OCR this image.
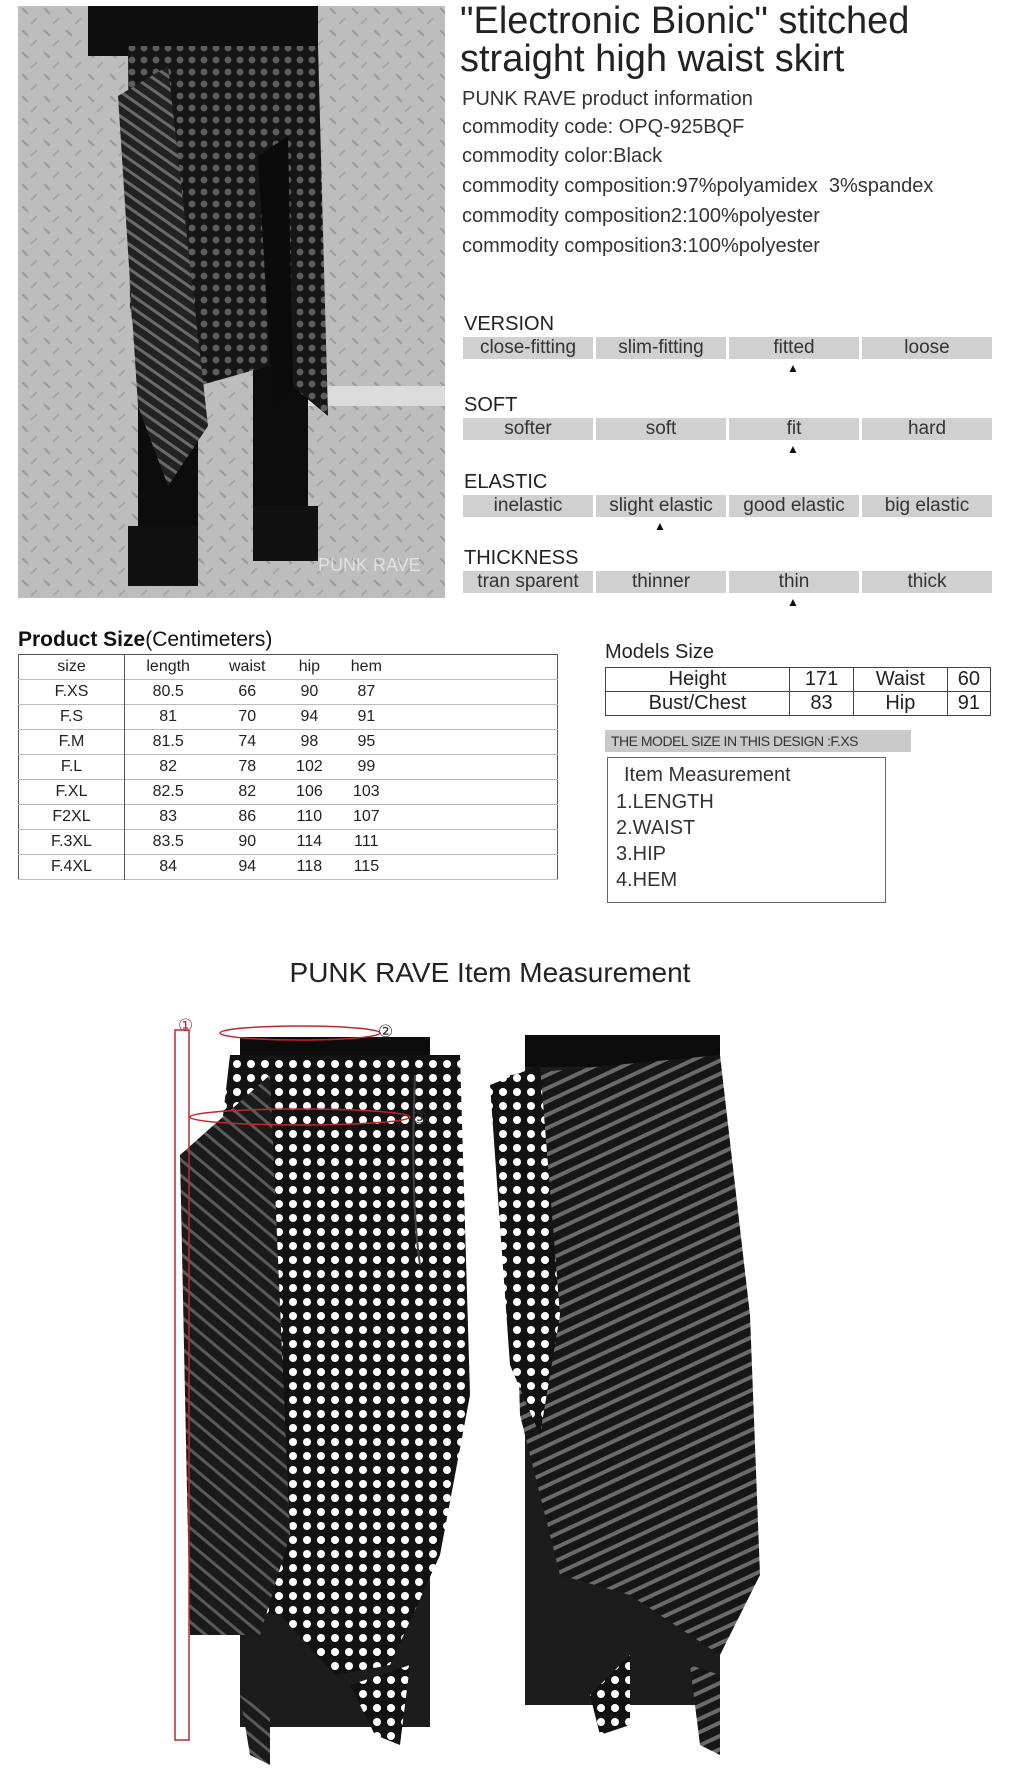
PUNK RAVE
"Electronic Bionic" stitched
straight high waist skirt
PUNK RAVE product information
commodity code: OPQ-925BQF
commodity color:Black
commodity composition:97%polyamidex  3%spandex
commodity composition2:100%polyester
commodity composition3:100%polyester
VERSION
close-fitting	slim-fitting	fitted	loose
▲
SOFT
softer	soft	fit	hard
▲
ELASTIC
inelastic	slight elastic	good elastic	big elastic
▲
THICKNESS
tran sparent	thinner	thin	thick
▲
Product Size(Centimeters)
size	length	waist	hip	hem	
F.XS	80.5	66	90	87	
F.S	81	70	94	91	
F.M	81.5	74	98	95	
F.L	82	78	102	99	
F.XL	82.5	82	106	103	
F2XL	83	86	110	107	
F.3XL	83.5	90	114	111	
F.4XL	84	94	118	115	
Models Size
Height	171	Waist	60
Bust/Chest	83	Hip	91
THE MODEL SIZE IN THIS DESIGN :F.XS
Item Measurement
1.LENGTH
2.WAIST
3.HIP
4.HEM
PUNK RAVE Item Measurement
①	②
③
